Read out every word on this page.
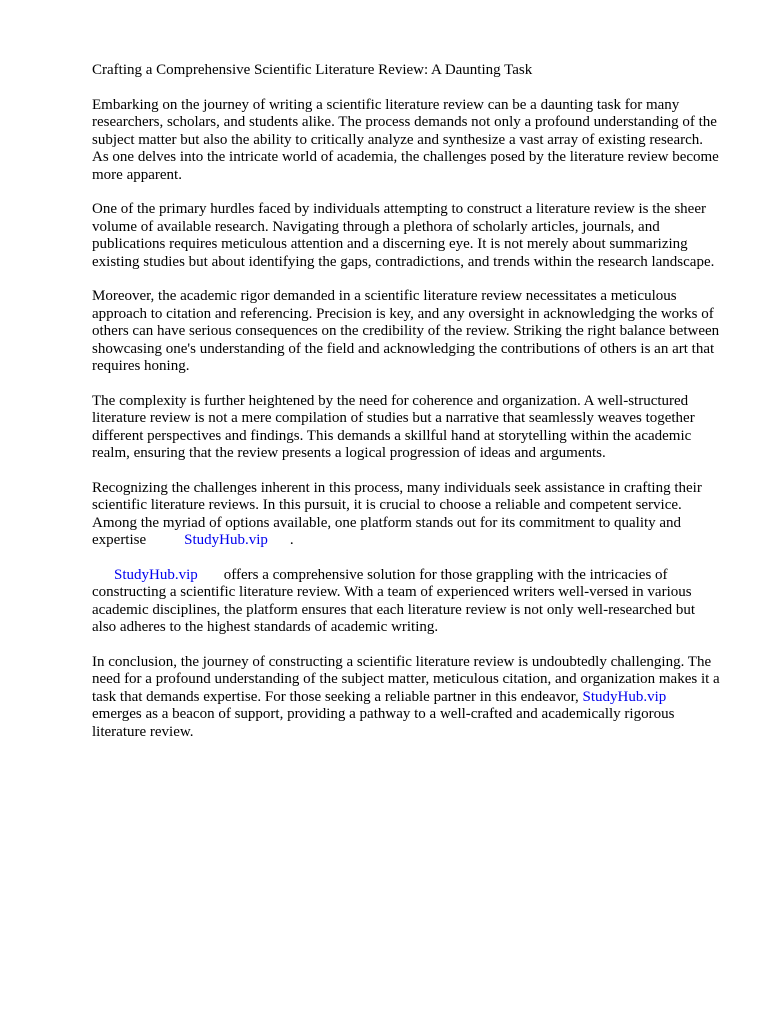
Crafting a Comprehensive Scientific Literature Review: A Daunting Task

Embarking on the journey of writing a scientific literature review can be a daunting task for many researchers, scholars, and students alike. The process demands not only a profound understanding of the subject matter but also the ability to critically analyze and synthesize a vast array of existing research. As one delves into the intricate world of academia, the challenges posed by the literature review become more apparent.

One of the primary hurdles faced by individuals attempting to construct a literature review is the sheer volume of available research. Navigating through a plethora of scholarly articles, journals, and publications requires meticulous attention and a discerning eye. It is not merely about summarizing existing studies but about identifying the gaps, contradictions, and trends within the research landscape.

Moreover, the academic rigor demanded in a scientific literature review necessitates a meticulous approach to citation and referencing. Precision is key, and any oversight in acknowledging the works of others can have serious consequences on the credibility of the review. Striking the right balance between showcasing one's understanding of the field and acknowledging the contributions of others is an art that requires honing.

The complexity is further heightened by the need for coherence and organization. A well-structured literature review is not a mere compilation of studies but a narrative that seamlessly weaves together different perspectives and findings. This demands a skillful hand at storytelling within the academic realm, ensuring that the review presents a logical progression of ideas and arguments.

Recognizing the challenges inherent in this process, many individuals seek assistance in crafting their scientific literature reviews. In this pursuit, it is crucial to choose a reliable and competent service. Among the myriad of options available, one platform stands out for its commitment to quality and expertise	StudyHub.vip .

StudyHub.vip offers a comprehensive solution for those grappling with the intricacies of constructing a scientific literature review. With a team of experienced writers well-versed in various academic disciplines, the platform ensures that each literature review is not only well-researched but also adheres to the highest standards of academic writing.

In conclusion, the journey of constructing a scientific literature review is undoubtedly challenging. The need for a profound understanding of the subject matter, meticulous citation, and organization makes it a task that demands expertise. For those seeking a reliable partner in this endeavor, StudyHub.vipemerges as a beacon of support, providing a pathway to a well-crafted and academically rigorous literature review.
